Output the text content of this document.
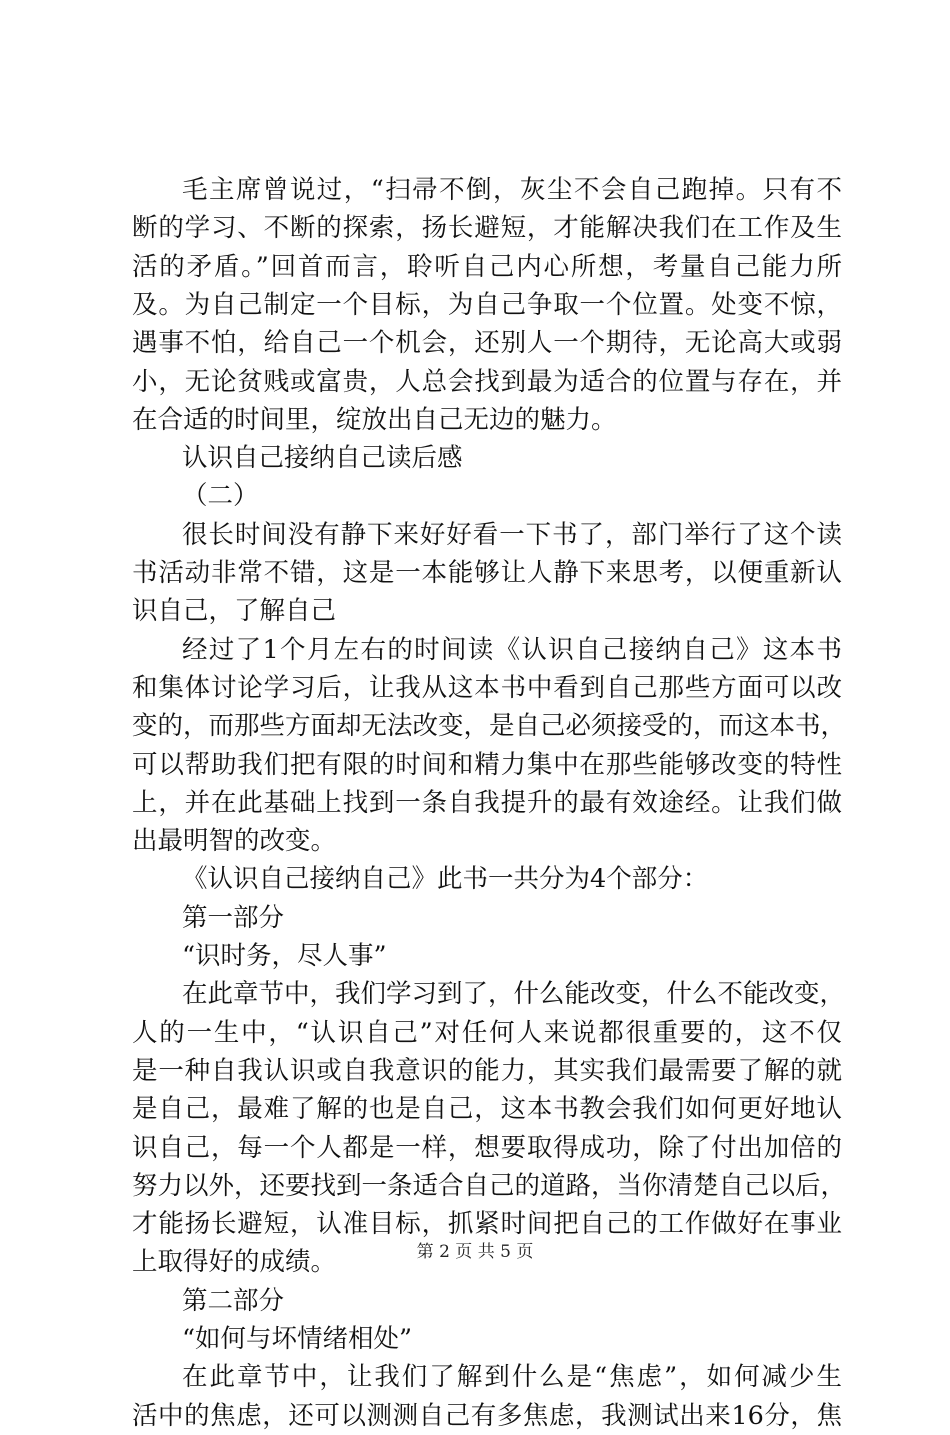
毛主席曾说过，“扫帚不倒，灰尘不会自己跑掉。只有不
断的学习、不断的探索，扬长避短，才能解决我们在工作及生
活的矛盾。”回首而言，聆听自己内心所想，考量自己能力所
及。为自己制定一个目标，为自己争取一个位置。处变不惊，
遇事不怕，给自己一个机会，还别人一个期待，无论高大或弱
小，无论贫贱或富贵，人总会找到最为适合的位置与存在，并
在合适的时间里，绽放出自己无边的魅力。
认识自己接纳自己读后感
（二）
很长时间没有静下来好好看一下书了，部门举行了这个读
书活动非常不错，这是一本能够让人静下来思考，以便重新认
识自己，了解自己
经过了1个月左右的时间读《认识自己接纳自己》这本书
和集体讨论学习后，让我从这本书中看到自己那些方面可以改
变的，而那些方面却无法改变，是自己必须接受的，而这本书，
可以帮助我们把有限的时间和精力集中在那些能够改变的特性
上，并在此基础上找到一条自我提升的最有效途经。让我们做
出最明智的改变。
《认识自己接纳自己》此书一共分为4个部分：
第一部分
“识时务，尽人事”
在此章节中，我们学习到了，什么能改变，什么不能改变，
人的一生中，“认识自己”对任何人来说都很重要的，这不仅
是一种自我认识或自我意识的能力，其实我们最需要了解的就
是自己，最难了解的也是自己，这本书教会我们如何更好地认
识自己，每一个人都是一样，想要取得成功，除了付出加倍的
努力以外，还要找到一条适合自己的道路，当你清楚自己以后，
才能扬长避短，认准目标，抓紧时间把自己的工作做好在事业
上取得好的成绩。
第二部分
“如何与坏情绪相处”
在此章节中，让我们了解到什么是“焦虑”，如何减少生
活中的焦虑，还可以测测自己有多焦虑，我测试出来16分，焦
第 2 页 共 5 页
